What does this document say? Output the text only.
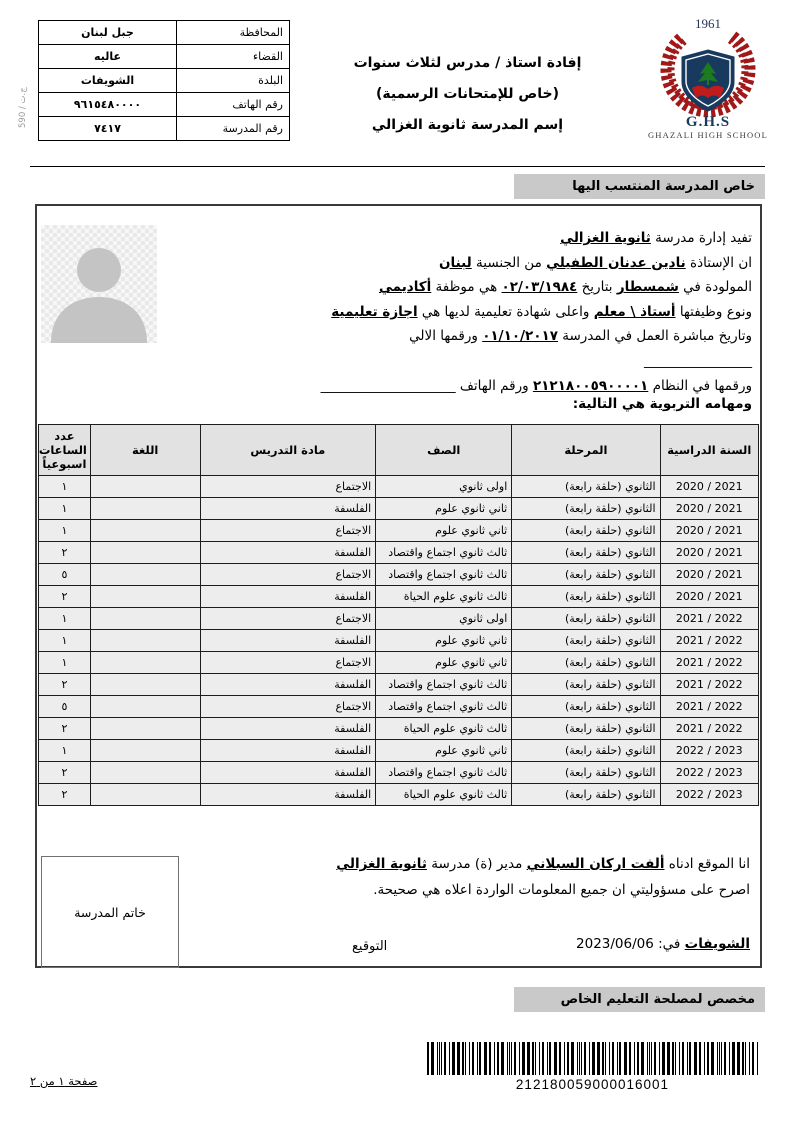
المحافظة	جبل لبنان
القضاء	عاليه
البلدة	الشويفات
رقم الهاتف	٩٦١٥٤٨٠٠٠٠
رقم المدرسة	٧٤١٧
ج.ت / 590
إفادة استاذ / مدرس لثلاث سنوات
(خاص للإمتحانات الرسمية)
إسم المدرسة ثانوية الغزالي
1961
G.H.S
GHAZALI HIGH SCHOOL
خاص المدرسة المنتسب اليها
تفيد إدارة مدرسة ثانوية الغزالي
ان الإستاذة نادين عدنان الطفيلي من الجنسية لبنان
المولودة في شمسطار بتاريخ ٠٢/٠٣/١٩٨٤ هي موظفة أكاديمي
ونوع وظيفتها أستاذ \ معلم واعلى شهادة تعليمية لديها هي اجازة تعليمية
وتاريخ مباشرة العمل في المدرسة ٠١/١٠/٢٠١٧ ورقمها الالي ________________
ورقمها في النظام ٢١٢١٨٠٠٥٩٠٠٠٠١ ورقم الهاتف ____________________
ومهامه التربوية هي التالية:
السنة الدراسية	المرحلة	الصف	مادة التدريس	اللغة	عدد الساعات اسبوعياً
2020 / 2021	الثانوي (حلقة رابعة)	اولى ثانوي	الاجتماع		١
2020 / 2021	الثانوي (حلقة رابعة)	ثاني ثانوي علوم	الفلسفة		١
2020 / 2021	الثانوي (حلقة رابعة)	ثاني ثانوي علوم	الاجتماع		١
2020 / 2021	الثانوي (حلقة رابعة)	ثالث ثانوي اجتماع واقتصاد	الفلسفة		٢
2020 / 2021	الثانوي (حلقة رابعة)	ثالث ثانوي اجتماع واقتصاد	الاجتماع		٥
2020 / 2021	الثانوي (حلقة رابعة)	ثالث ثانوي علوم الحياة	الفلسفة		٢
2021 / 2022	الثانوي (حلقة رابعة)	اولى ثانوي	الاجتماع		١
2021 / 2022	الثانوي (حلقة رابعة)	ثاني ثانوي علوم	الفلسفة		١
2021 / 2022	الثانوي (حلقة رابعة)	ثاني ثانوي علوم	الاجتماع		١
2021 / 2022	الثانوي (حلقة رابعة)	ثالث ثانوي اجتماع واقتصاد	الفلسفة		٢
2021 / 2022	الثانوي (حلقة رابعة)	ثالث ثانوي اجتماع واقتصاد	الاجتماع		٥
2021 / 2022	الثانوي (حلقة رابعة)	ثالث ثانوي علوم الحياة	الفلسفة		٢
2022 / 2023	الثانوي (حلقة رابعة)	ثاني ثانوي علوم	الفلسفة		١
2022 / 2023	الثانوي (حلقة رابعة)	ثالث ثانوي اجتماع واقتصاد	الفلسفة		٢
2022 / 2023	الثانوي (حلقة رابعة)	ثالث ثانوي علوم الحياة	الفلسفة		٢
انا الموقع ادناه ألفت اركان السبلاني مدير (ة) مدرسة ثانوية الغزالي
اصرح على مسؤوليتي ان جميع المعلومات الواردة اعلاه هي صحيحة.
خاتم المدرسة
الشويفات في: 2023/06/06
التوقيع
مخصص لمصلحة التعليم الخاص
212180059000016001
صفحة ١ من ٢
